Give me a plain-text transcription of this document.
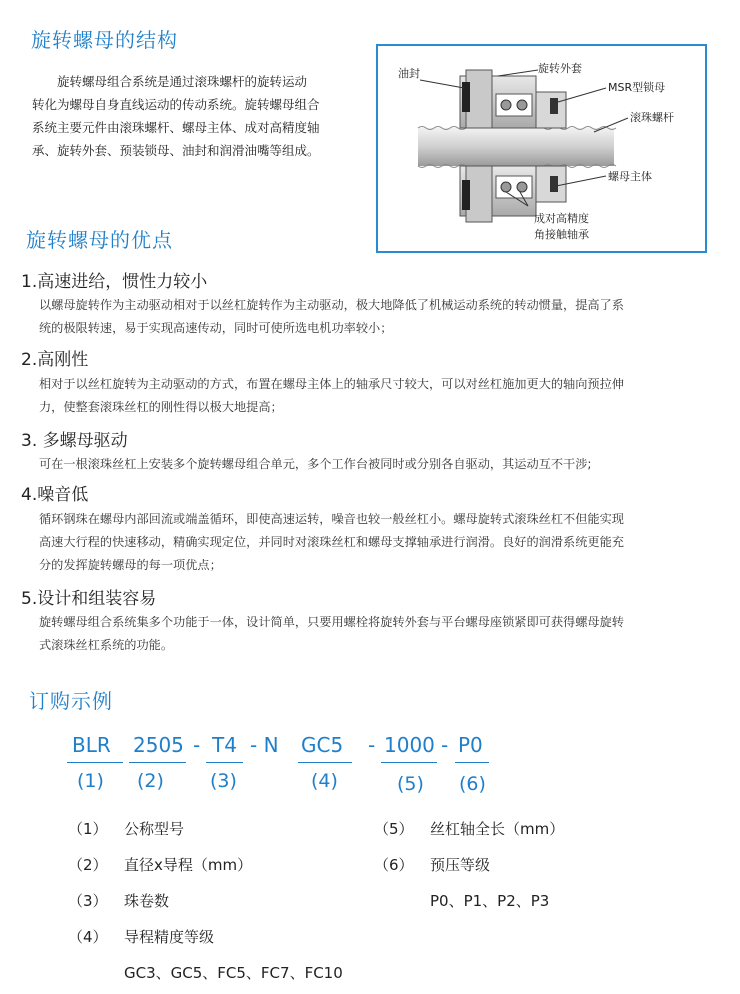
旋转螺母的结构

旋转螺母组合系统是通过滚珠螺杆的旋转运动

转化为螺母自身直线运动的传动系统。旋转螺母组合
系统主要元件由滚珠螺杆、螺母主体、成对高精度轴
承、旋转外套、预装锁母、油封和润滑油嘴等组成。
油封	旋转外套
MSR型锁母
滚珠螺杆
螺母主体
成对高精度
角接触轴承
旋转螺母的优点
1.高速进给，惯性力较小
以螺母旋转作为主动驱动相对于以丝杠旋转作为主动驱动，极大地降低了机械运动系统的转动惯量，提高了系
统的极限转速，易于实现高速传动，同时可使所选电机功率较小；
2.高刚性
相对于以丝杠旋转为主动驱动的方式，布置在螺母主体上的轴承尺寸较大，可以对丝杠施加更大的轴向预拉伸
力，使整套滚珠丝杠的刚性得以极大地提高；
3. 多螺母驱动
可在一根滚珠丝杠上安装多个旋转螺母组合单元，多个工作台被同时或分别各自驱动，其运动互不干涉;
4.噪音低
循环钢珠在螺母内部回流或端盖循环，即使高速运转，噪音也较一般丝杠小。螺母旋转式滚珠丝杠不但能实现
高速大行程的快速移动，精确实现定位，并同时对滚珠丝杠和螺母支撑轴承进行润滑。良好的润滑系统更能充
分的发挥旋转螺母的每一项优点；
5.设计和组装容易
旋转螺母组合系统集多个功能于一体，设计简单，只要用螺栓将旋转外套与平台螺母座锁紧即可获得螺母旋转
式滚珠丝杠系统的功能。
订购示例
BLR 2505 - T4 - N GC5 - 1000 - P0
(1) (2) (3)	(4)	(5) (6)
（1） 公称型号
（2） 直径x导程（mm）
（3） 珠卷数
（4） 导程精度等级
GC3、GC5、FC5、FC7、FC10
（5） 丝杠轴全长（mm）
（6） 预压等级
P0、P1、P2、P3
